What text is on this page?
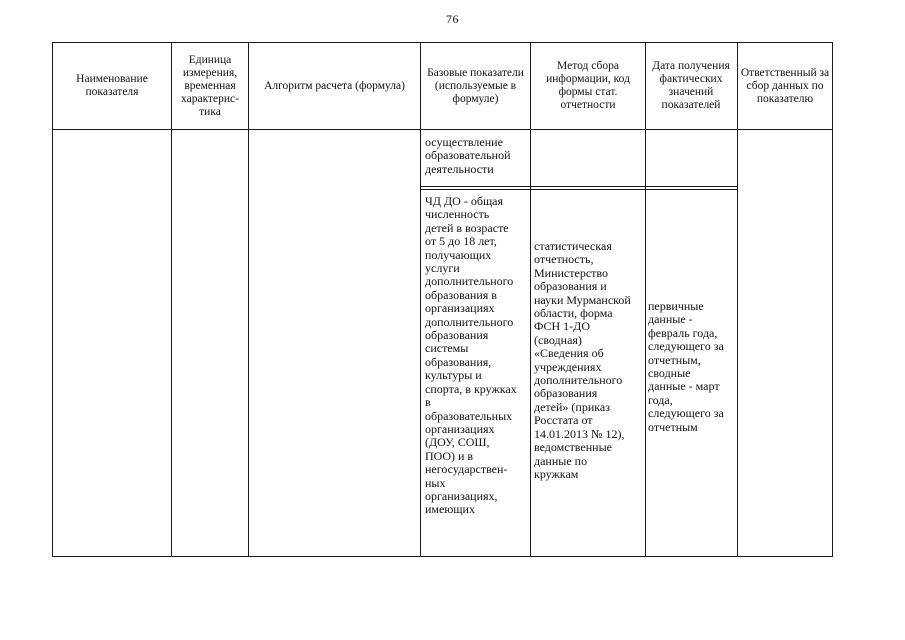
76
Наименование показателя
Единица измерения, временная характерис-тика
Алгоритм расчета (формула)
Базовые показатели (используемые в формуле)
Метод сбора информации, код формы стат. отчетности
Дата получения фактических значений показателей
Ответственный за сбор данных по показателю
осуществление
образовательной
деятельности
ЧД ДО - общая
численность
детей в возрасте
от 5 до 18 лет,
получающих
услуги
дополнительного
образования в
организациях
дополнительного
образования
системы
образования,
культуры и
спорта, в кружках
в
образовательных
организациях
(ДОУ, СОШ,
ПОО) и в
негосударствен-
ных
организациях,
имеющих
статистическая
отчетность,
Министерство
образования и
науки Мурманской
области, форма
ФСН 1-ДО
(сводная)
«Сведения об
учреждениях
дополнительного
образования
детей» (приказ
Росстата от
14.01.2013 № 12),
ведомственные
данные по
кружкам
первичные
данные -
февраль года,
следующего за
отчетным,
сводные
данные - март
года,
следующего за
отчетным
